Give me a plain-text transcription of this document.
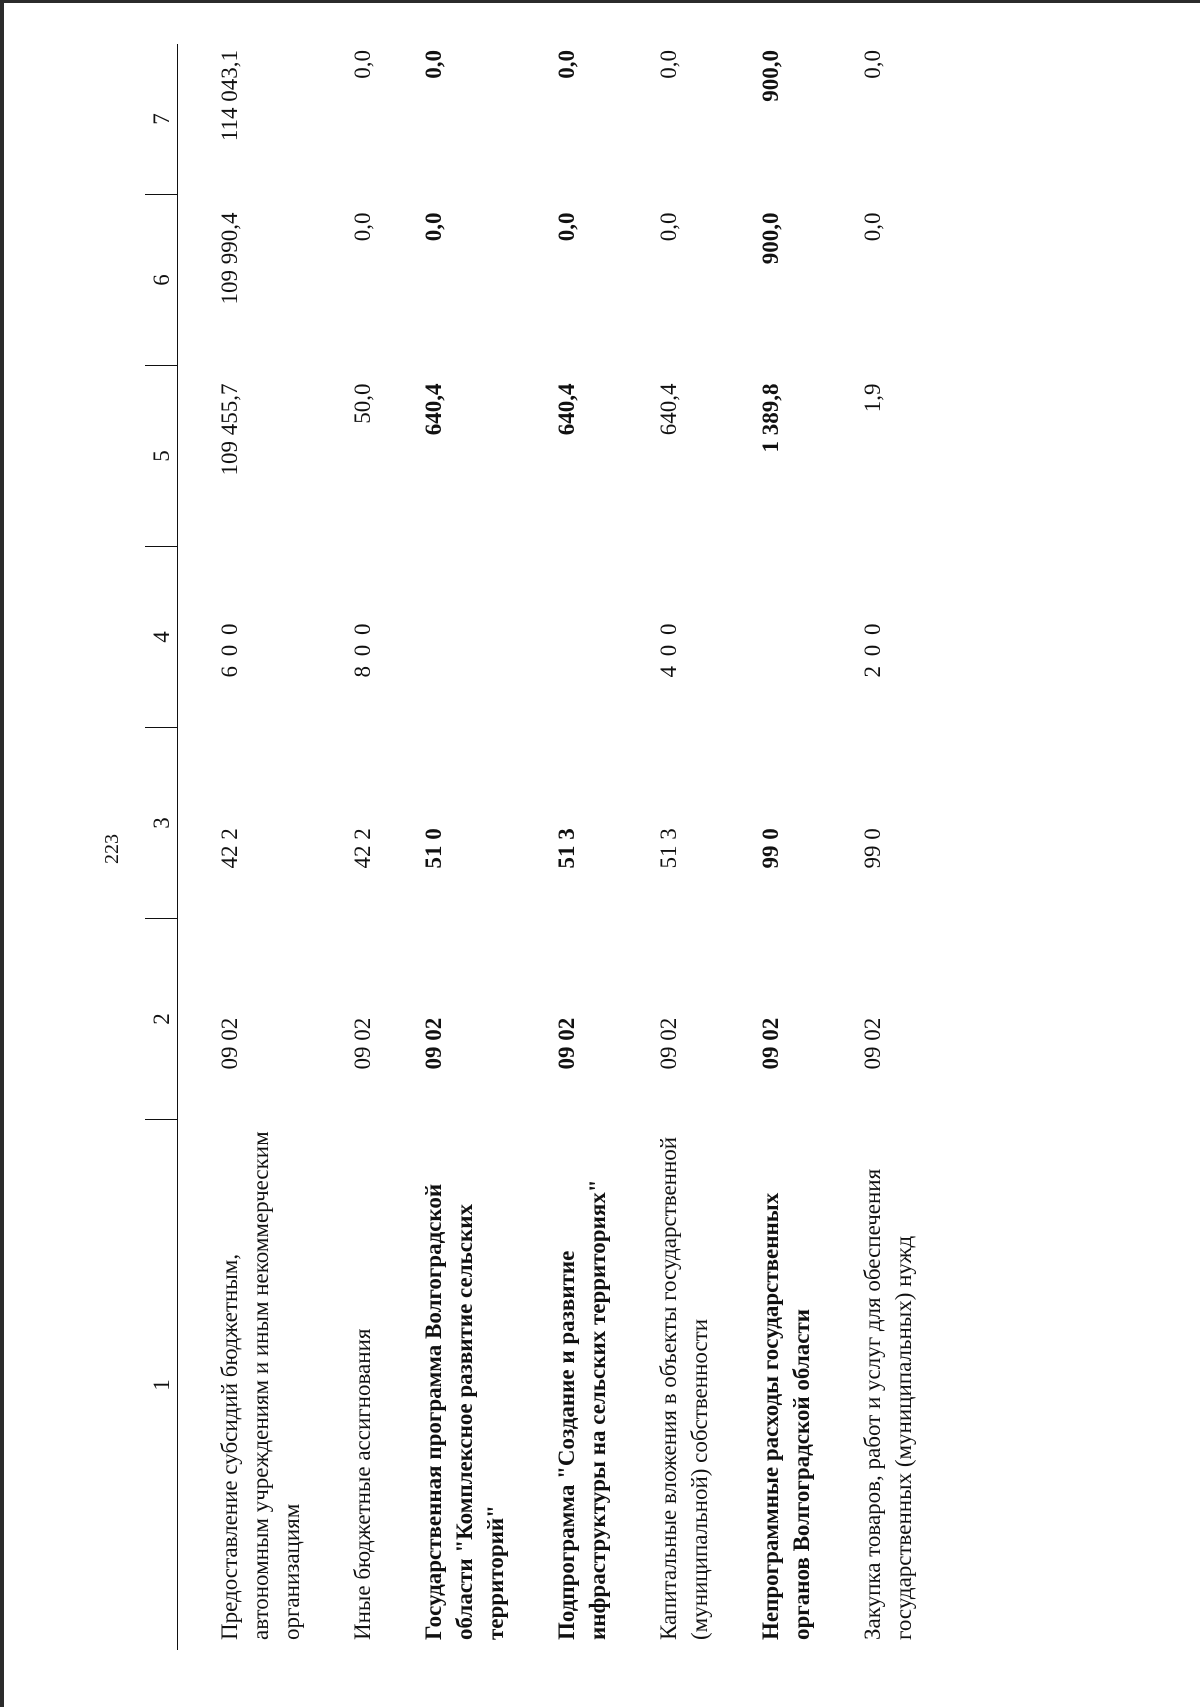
223
1	2	3	4	5	6	7
Предоставление субсидий бюджетным, автономным учреждениям и иным некоммерческим организациям	09 02	42 2	6 0 0	109 455,7	109 990,4	114 043,1
Иные бюджетные ассигнования	09 02	42 2	8 0 0	50,0	0,0	0,0
Государственная программа Волгоградской области "Комплексное развитие сельских территорий"	09 02	51 0		640,4	0,0	0,0
Подпрограмма "Создание и развитие инфраструктуры на сельских территориях"	09 02	51 3		640,4	0,0	0,0
Капитальные вложения в объекты государственной (муниципальной) собственности	09 02	51 3	4 0 0	640,4	0,0	0,0
Непрограммные расходы государственных органов Волгоградской области	09 02	99 0		1 389,8	900,0	900,0
Закупка товаров, работ и услуг для обеспечения государственных (муниципальных) нужд	09 02	99 0	2 0 0	1,9	0,0	0,0
